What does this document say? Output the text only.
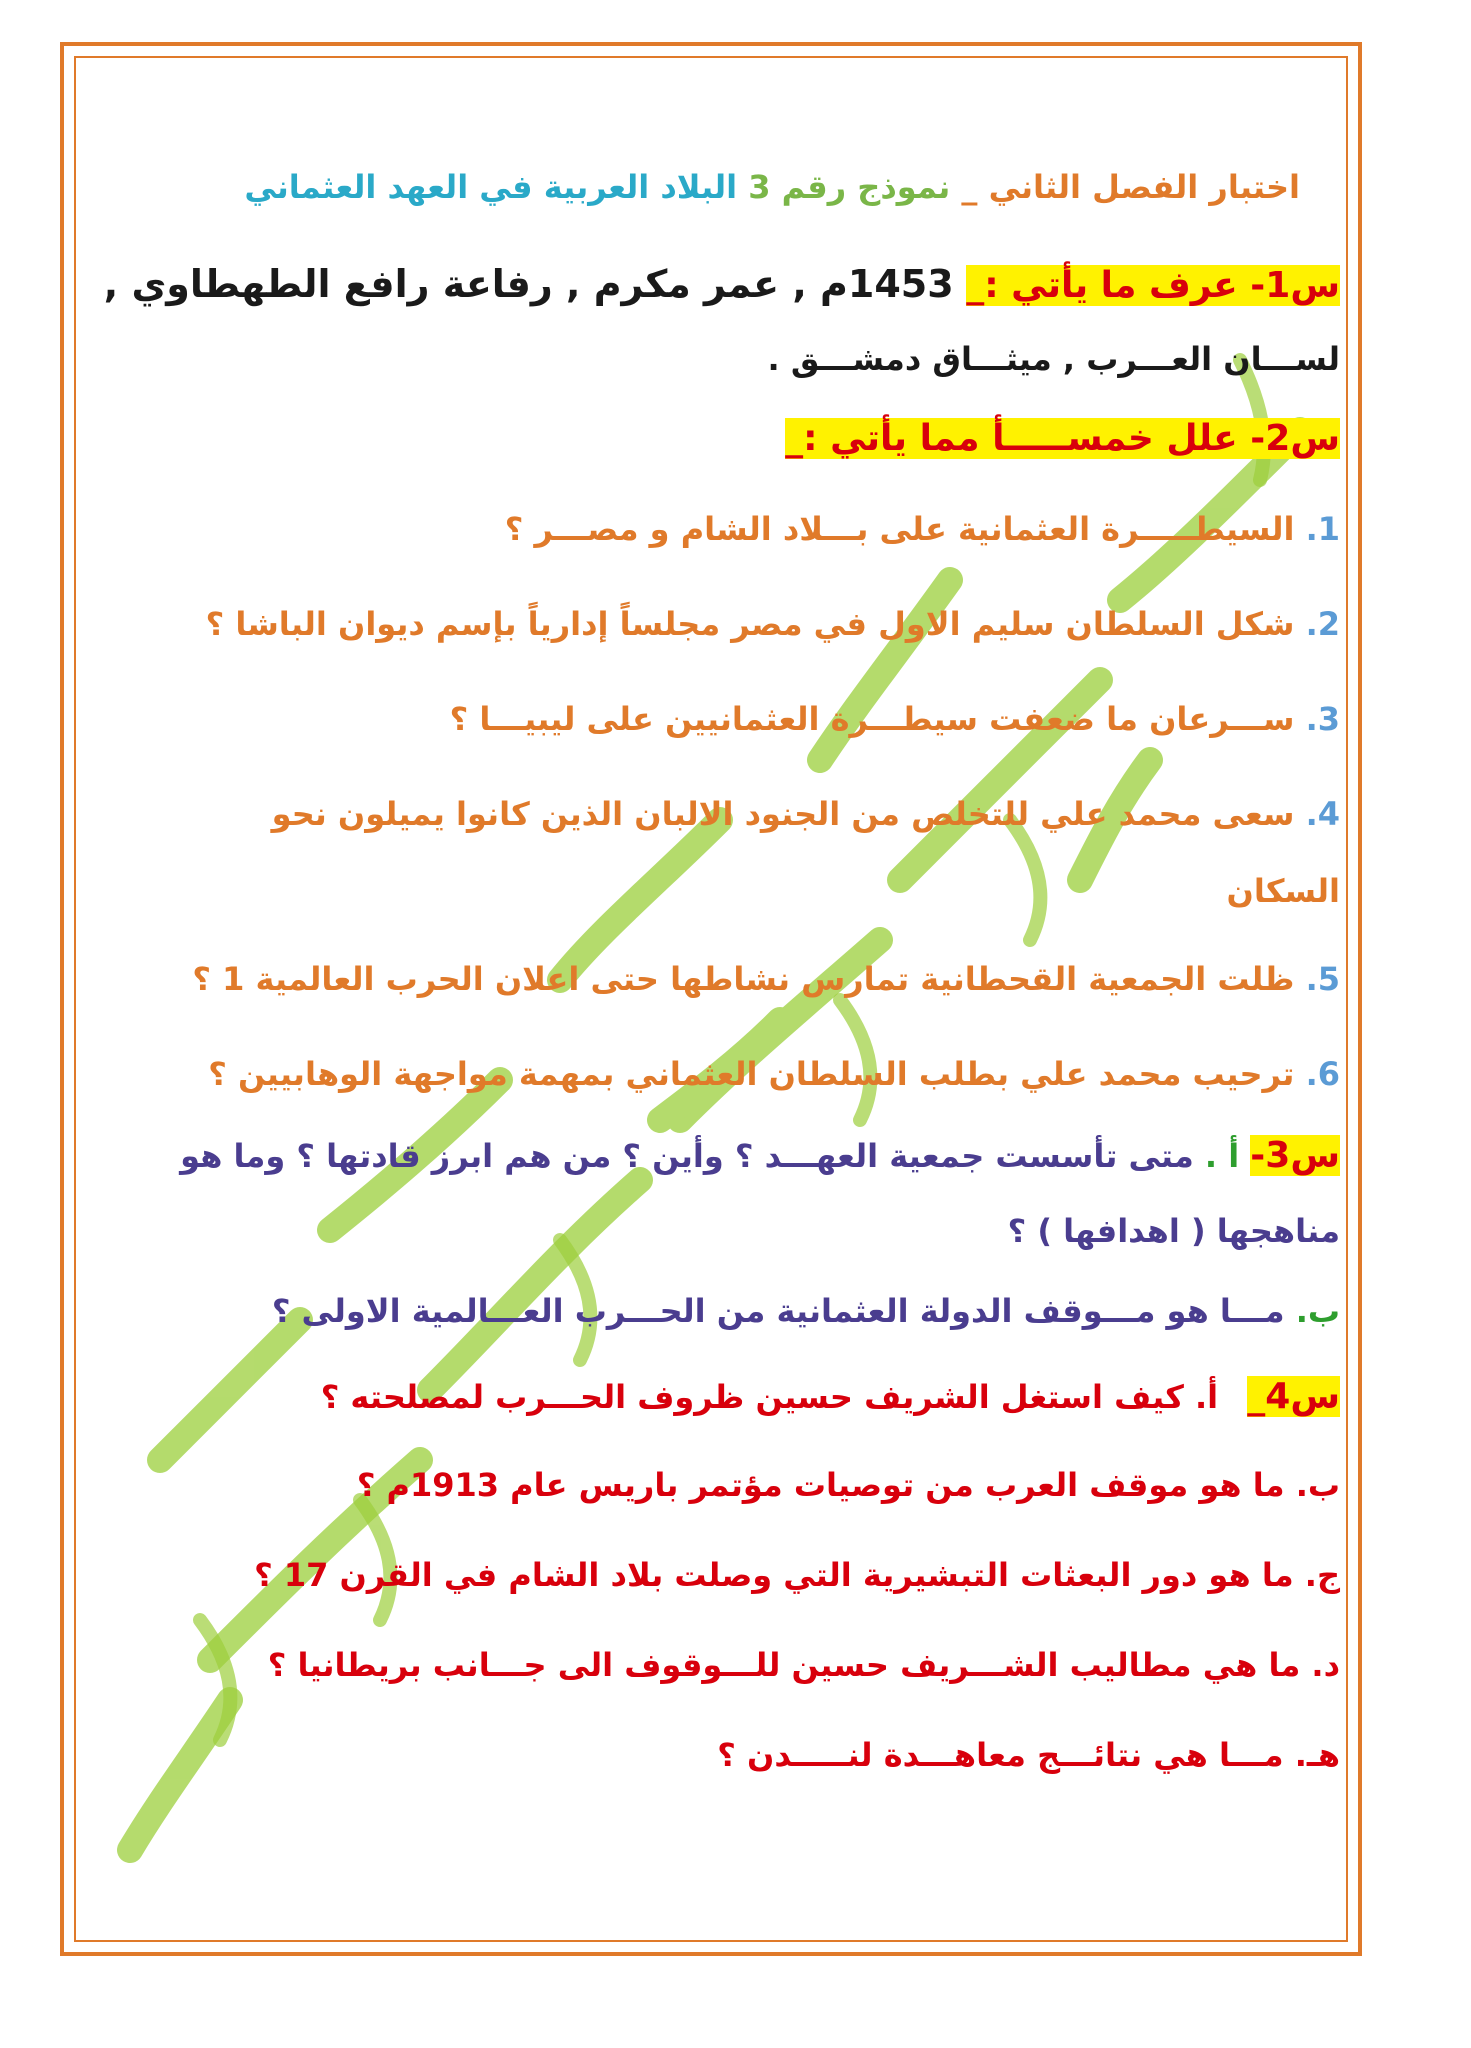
اختبار الفصل الثاني _ نموذج رقم 3 البلاد العربية في العهد العثماني
س1- عرف ما يأتي :_ 1453م , عمر مكرم , رفاعة رافع الطهطاوي ,
لســـان العـــرب , ميثـــاق دمشـــق .
س2- علل خمســـــأ مما يأتي :_
1. السيطـــــرة العثمانية على بـــلاد الشام و مصـــر ؟
2. شكل السلطان سليم الاول في مصر مجلساً إدارياً بإسم ديوان الباشا ؟
3. ســـرعان ما ضعفت سيطـــرة العثمانيين على ليبيـــا ؟
4. سعى محمد علي للتخلص من الجنود الالبان الذين كانوا يميلون نحو
السكان
5. ظلت الجمعية القحطانية تمارس نشاطها حتى اعلان الحرب العالمية 1 ؟
6. ترحيب محمد علي بطلب السلطان العثماني بمهمة مواجهة الوهابيين ؟
س3- أ . متى تأسست جمعية العهـــد ؟ وأين ؟ من هم ابرز قادتها ؟ وما هو
مناهجها ( اهدافها ) ؟
ب. مـــا هو مـــوقف الدولة العثمانية من الحـــرب العـــالمية الاولى ؟
س4_ أ. كيف استغل الشريف حسين ظروف الحـــرب لمصلحته ؟
ب. ما هو موقف العرب من توصيات مؤتمر باريس عام 1913م ؟
ج. ما هو دور البعثات التبشيرية التي وصلت بلاد الشام في القرن 17 ؟
د. ما هي مطاليب الشـــريف حسين للـــوقوف الى جـــانب بريطانيا ؟
هـ. مـــا هي نتائـــج معاهـــدة لنـــــدن ؟
